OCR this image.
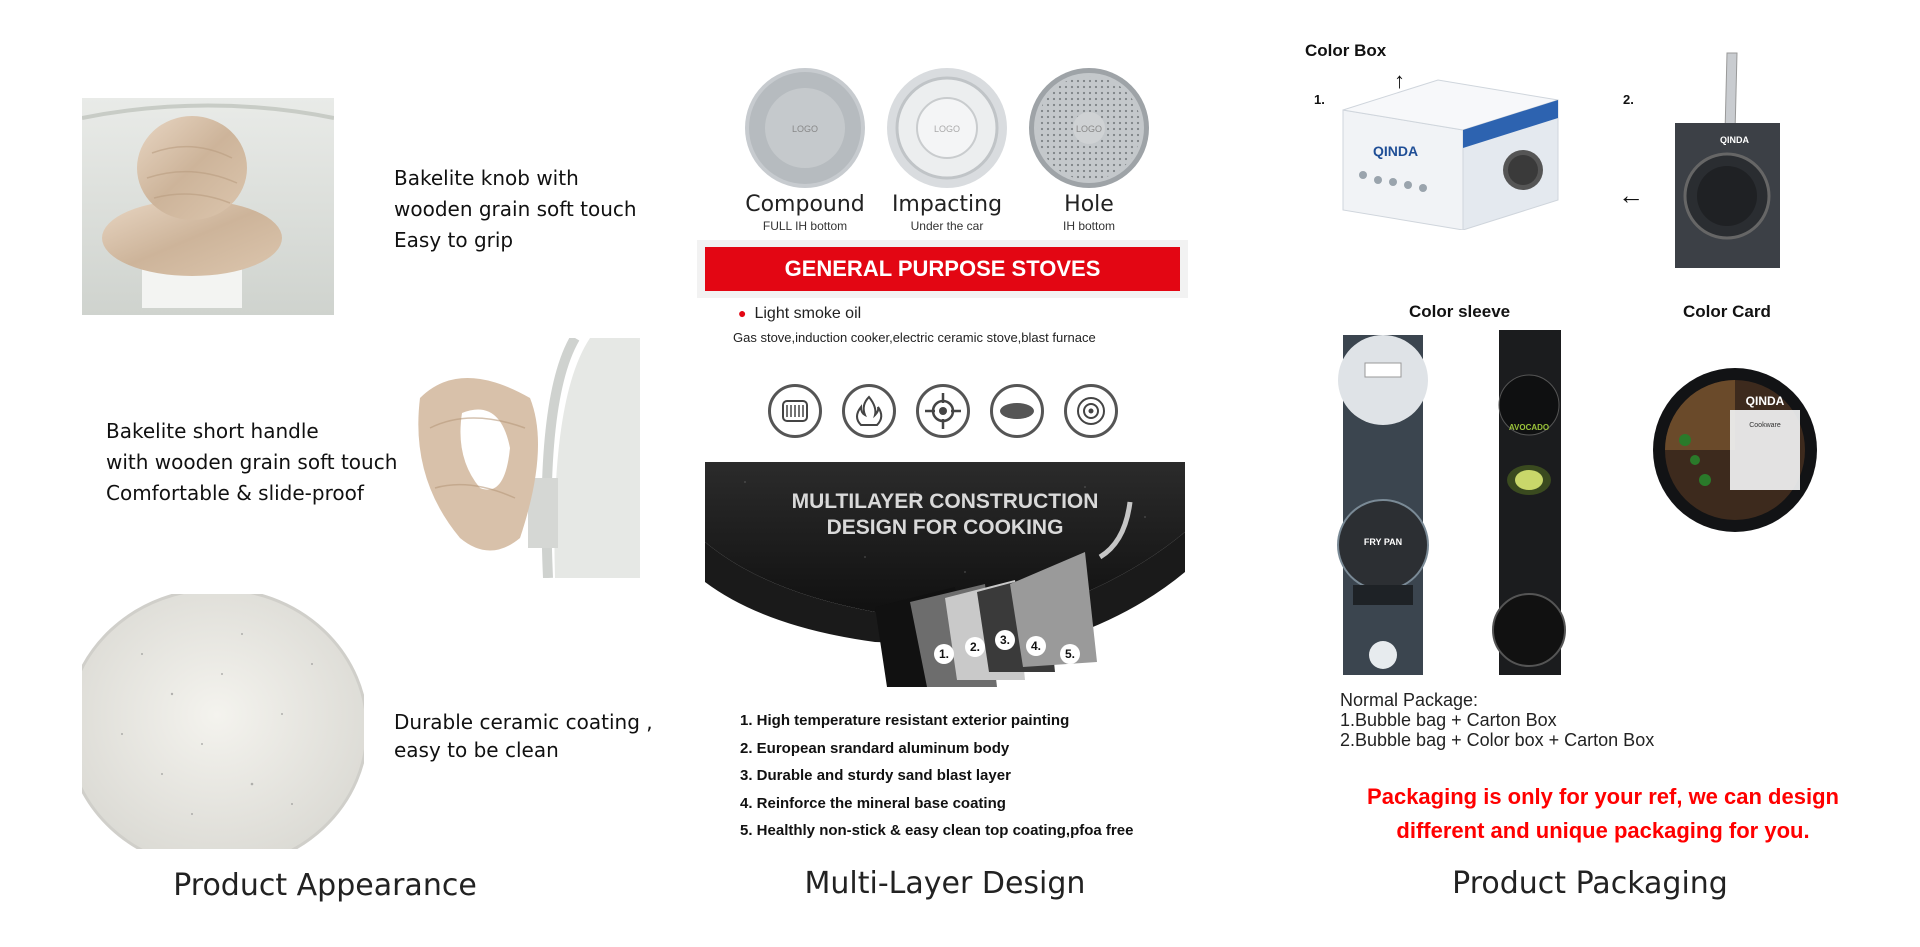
Bakelite knob with
wooden grain soft touch
Easy to grip
Bakelite short handle
with wooden grain soft touch
Comfortable & slide-proof
Durable ceramic coating ,
easy to be clean
Product Appearance
LOGO	LOGO	LOGO
Compound
FULL IH bottom
Impacting
Under the car
Hole
IH bottom
GENERAL PURPOSE STOVES
● Light smoke oil
Gas stove,induction cooker,electric ceramic stove,blast furnace
1. 2. 3. 4.
5.
MULTILAYER CONSTRUCTION
DESIGN FOR COOKING
1. High temperature resistant exterior painting
2. European srandard aluminum body
3. Durable and sturdy sand blast layer
4. Reinforce the mineral base coating
5. Healthly non-stick & easy clean top coating,pfoa free
Multi-Layer Design
Color Box
1.	2.
↑
←
QINDA
QINDA
Color sleeve	Color Card
FRY PAN
AVOCADO
QINDA
Cookware
Normal Package:
1.Bubble bag + Carton Box
2.Bubble bag + Color box + Carton Box
Packaging is only for your ref, we can design
different and unique packaging for you.
Product Packaging
